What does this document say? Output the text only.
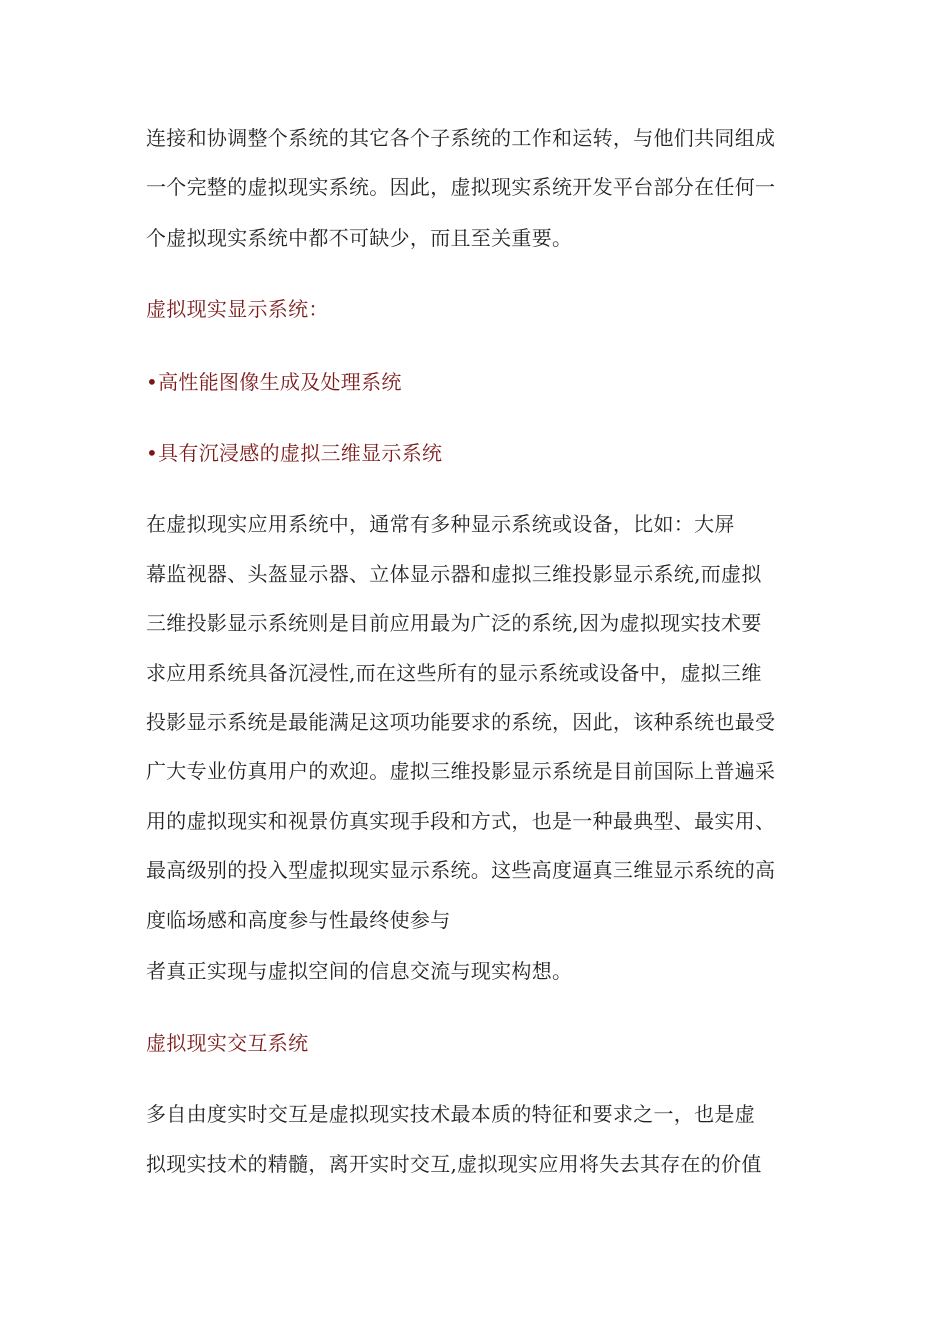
连接和协调整个系统的其它各个子系统的工作和运转，与他们共同组成
一个完整的虚拟现实系统。因此，虚拟现实系统开发平台部分在任何一
个虚拟现实系统中都不可缺少，而且至关重要。
虚拟现实显示系统：
•高性能图像生成及处理系统
•具有沉浸感的虚拟三维显示系统
在虚拟现实应用系统中，通常有多种显示系统或设备，比如：大屏
幕监视器、头盔显示器、立体显示器和虚拟三维投影显示系统,而虚拟
三维投影显示系统则是目前应用最为广泛的系统,因为虚拟现实技术要
求应用系统具备沉浸性,而在这些所有的显示系统或设备中，虚拟三维
投影显示系统是最能满足这项功能要求的系统，因此，该种系统也最受
广大专业仿真用户的欢迎。虚拟三维投影显示系统是目前国际上普遍采
用的虚拟现实和视景仿真实现手段和方式，也是一种最典型、最实用、
最高级别的投入型虚拟现实显示系统。这些高度逼真三维显示系统的高
度临场感和高度参与性最终使参与
者真正实现与虚拟空间的信息交流与现实构想。
虚拟现实交互系统
多自由度实时交互是虚拟现实技术最本质的特征和要求之一，也是虚
拟现实技术的精髓，离开实时交互,虚拟现实应用将失去其存在的价值
